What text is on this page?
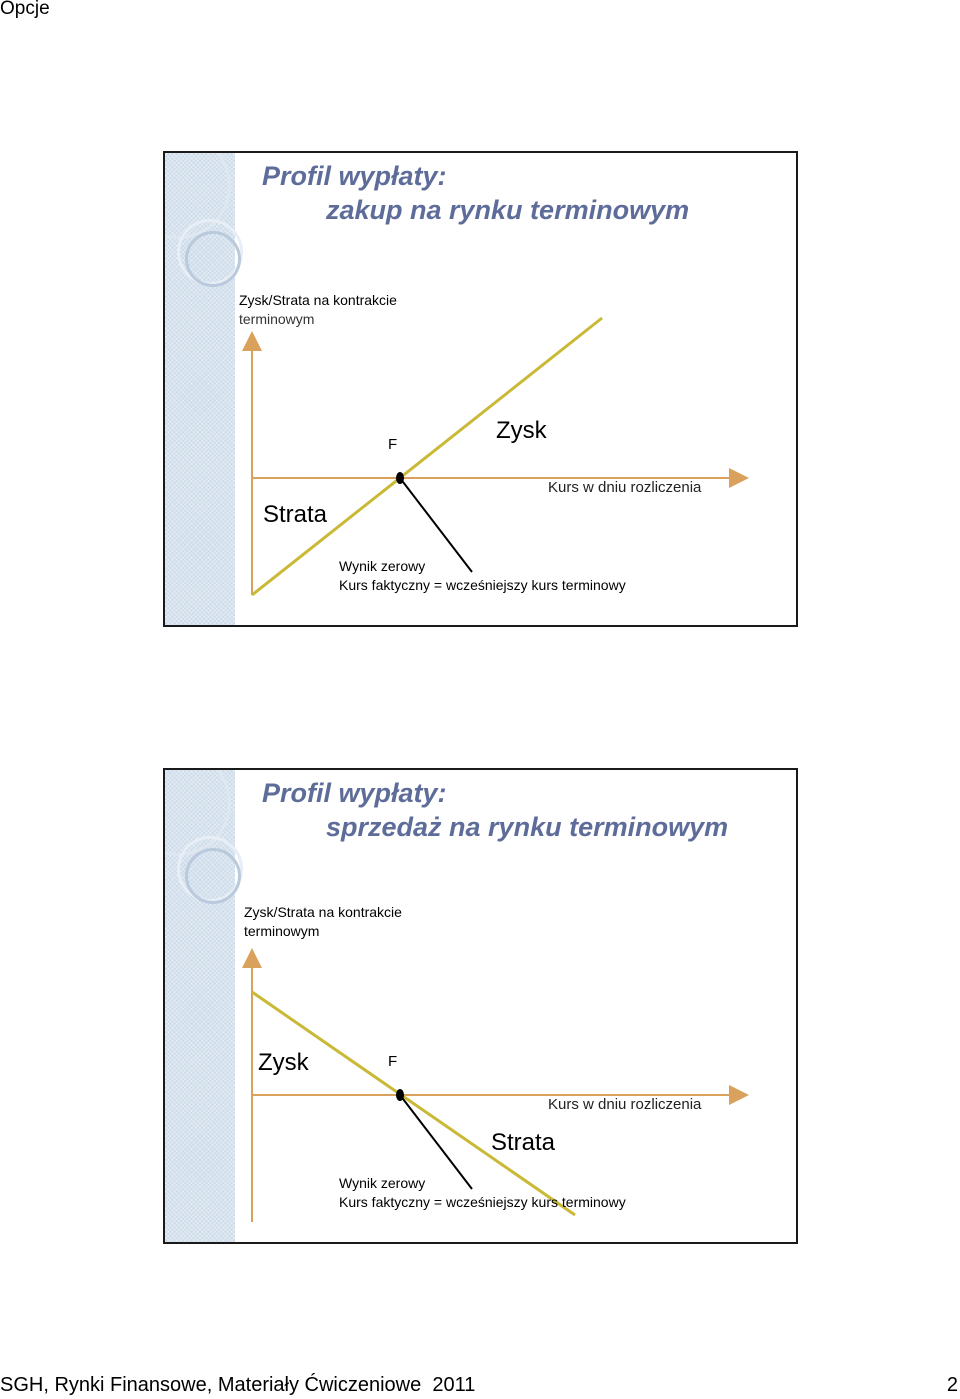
Opcje
Profil wypłaty:
zakup na rynku terminowym
Zysk/Strata na kontrakcie
terminowym
F
Zysk
Strata
Kurs w dniu rozliczenia
Wynik zerowy
Kurs faktyczny = wcześniejszy kurs terminowy
Profil wypłaty:
sprzedaż na rynku terminowym
Zysk/Strata na kontrakcie
terminowym
F
Zysk
Strata
Kurs w dniu rozliczenia
Wynik zerowy
Kurs faktyczny = wcześniejszy kurs terminowy
SGH, Rynki Finansowe, Materiały Ćwiczeniowe  2011	2
